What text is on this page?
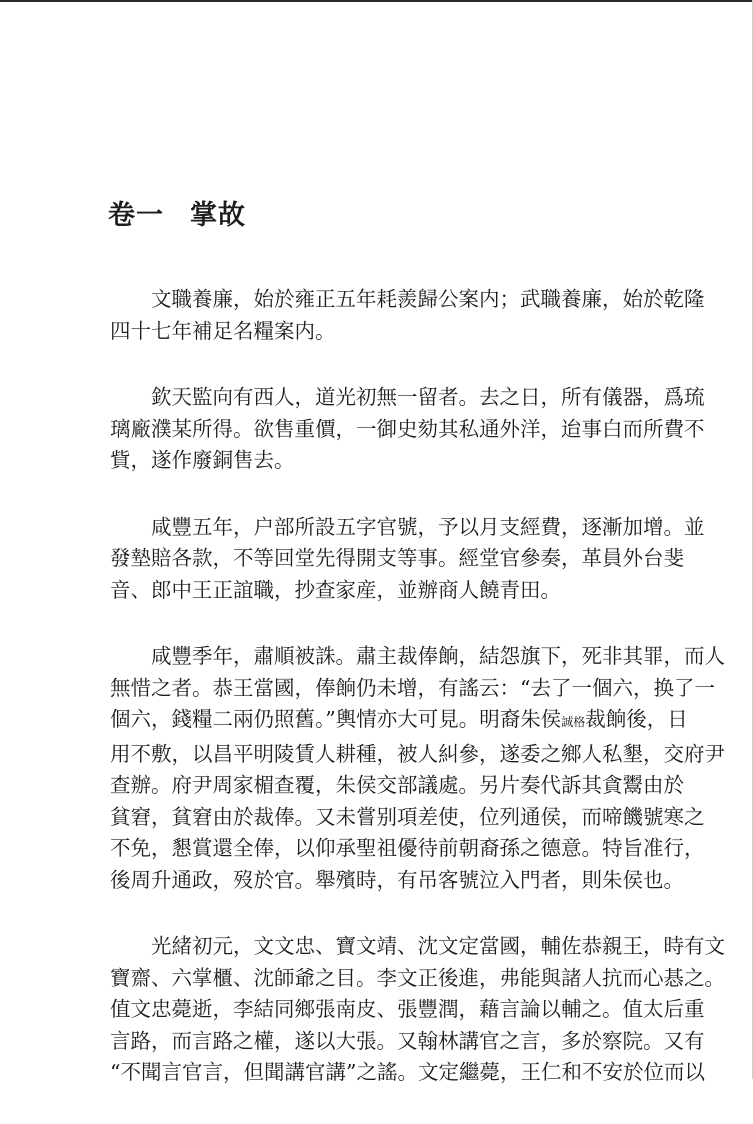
卷一 掌故
文職養廉，始於雍正五年耗羨歸公案内；武職養廉，始於乾隆
四十七年補足名糧案内。
欽天監向有西人，道光初無一留者。去之日，所有儀器，爲琉
璃廠濮某所得。欲售重價，一御史劾其私通外洋，迨事白而所費不
貲，遂作廢銅售去。
咸豐五年，户部所設五字官號，予以月支經費，逐漸加增。並
發墊賠各款，不等回堂先得開支等事。經堂官參奏，革員外台斐
音、郎中王正誼職，抄查家産，並辦商人饒青田。
咸豐季年，肅順被誅。肅主裁俸餉，結怨旗下，死非其罪，而人
無惜之者。恭王當國，俸餉仍未增，有謠云：“去了一個六，换了一
個六，錢糧二兩仍照舊。”輿情亦大可見。明裔朱侯誠格裁餉後，日
用不敷，以昌平明陵賃人耕種，被人糾參，遂委之鄉人私墾，交府尹
查辦。府尹周家楣查覆，朱侯交部議處。另片奏代訴其貪鬻由於
貧窘，貧窘由於裁俸。又未嘗别項差使，位列通侯，而啼饑號寒之
不免，懇賞還全俸，以仰承聖祖優待前朝裔孫之德意。特旨准行，
後周升通政，歿於官。舉殯時，有吊客號泣入門者，則朱侯也。
光緒初元，文文忠、寶文靖、沈文定當國，輔佐恭親王，時有文
寶齋、六掌櫃、沈師爺之目。李文正後進，弗能與諸人抗而心惎之。
值文忠薨逝，李結同鄉張南皮、張豐潤，藉言論以輔之。值太后重
言路，而言路之權，遂以大張。又翰林講官之言，多於察院。又有
“不聞言官言，但聞講官講”之謠。文定繼薨，王仁和不安於位而以
